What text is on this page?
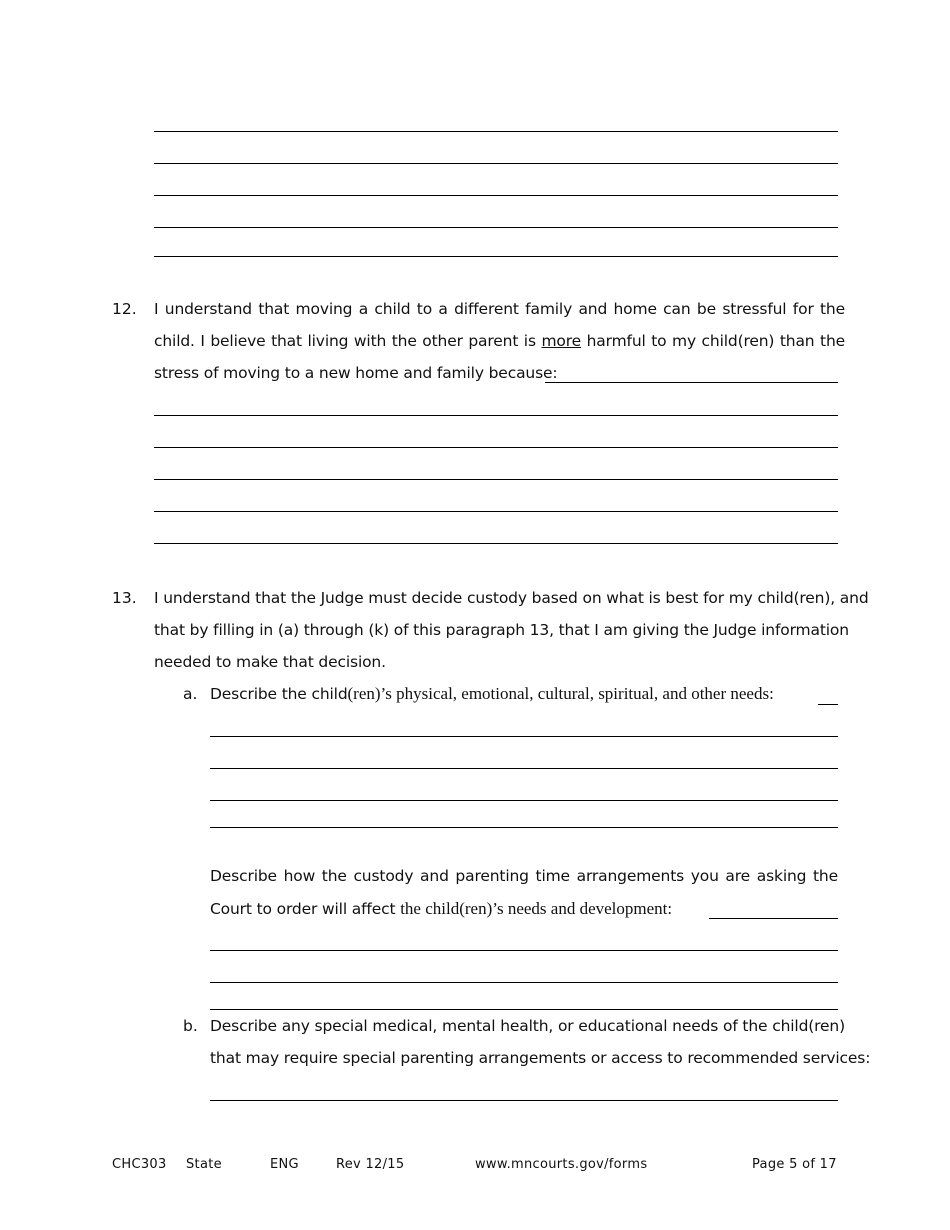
12. I understand that moving a child to a different family and home can be stressful for the
child. I believe that living with the other parent is more harmful to my child(ren) than the
stress of moving to a new home and family because:
13. I understand that the Judge must decide custody based on what is best for my child(ren), and
that by filling in (a) through (k) of this paragraph 13, that I am giving the Judge information
needed to make that decision.
a. Describe the child(ren)’s physical, emotional, cultural, spiritual, and other needs:
Describe how the custody and parenting time arrangements you are asking the
Court to order will affect the child(ren)’s needs and development:
b. Describe any special medical, mental health, or educational needs of the child(ren)
that may require special parenting arrangements or access to recommended services:
CHC303 State	ENG	Rev 12/15	www.mncourts.gov/forms	Page 5 of 17
